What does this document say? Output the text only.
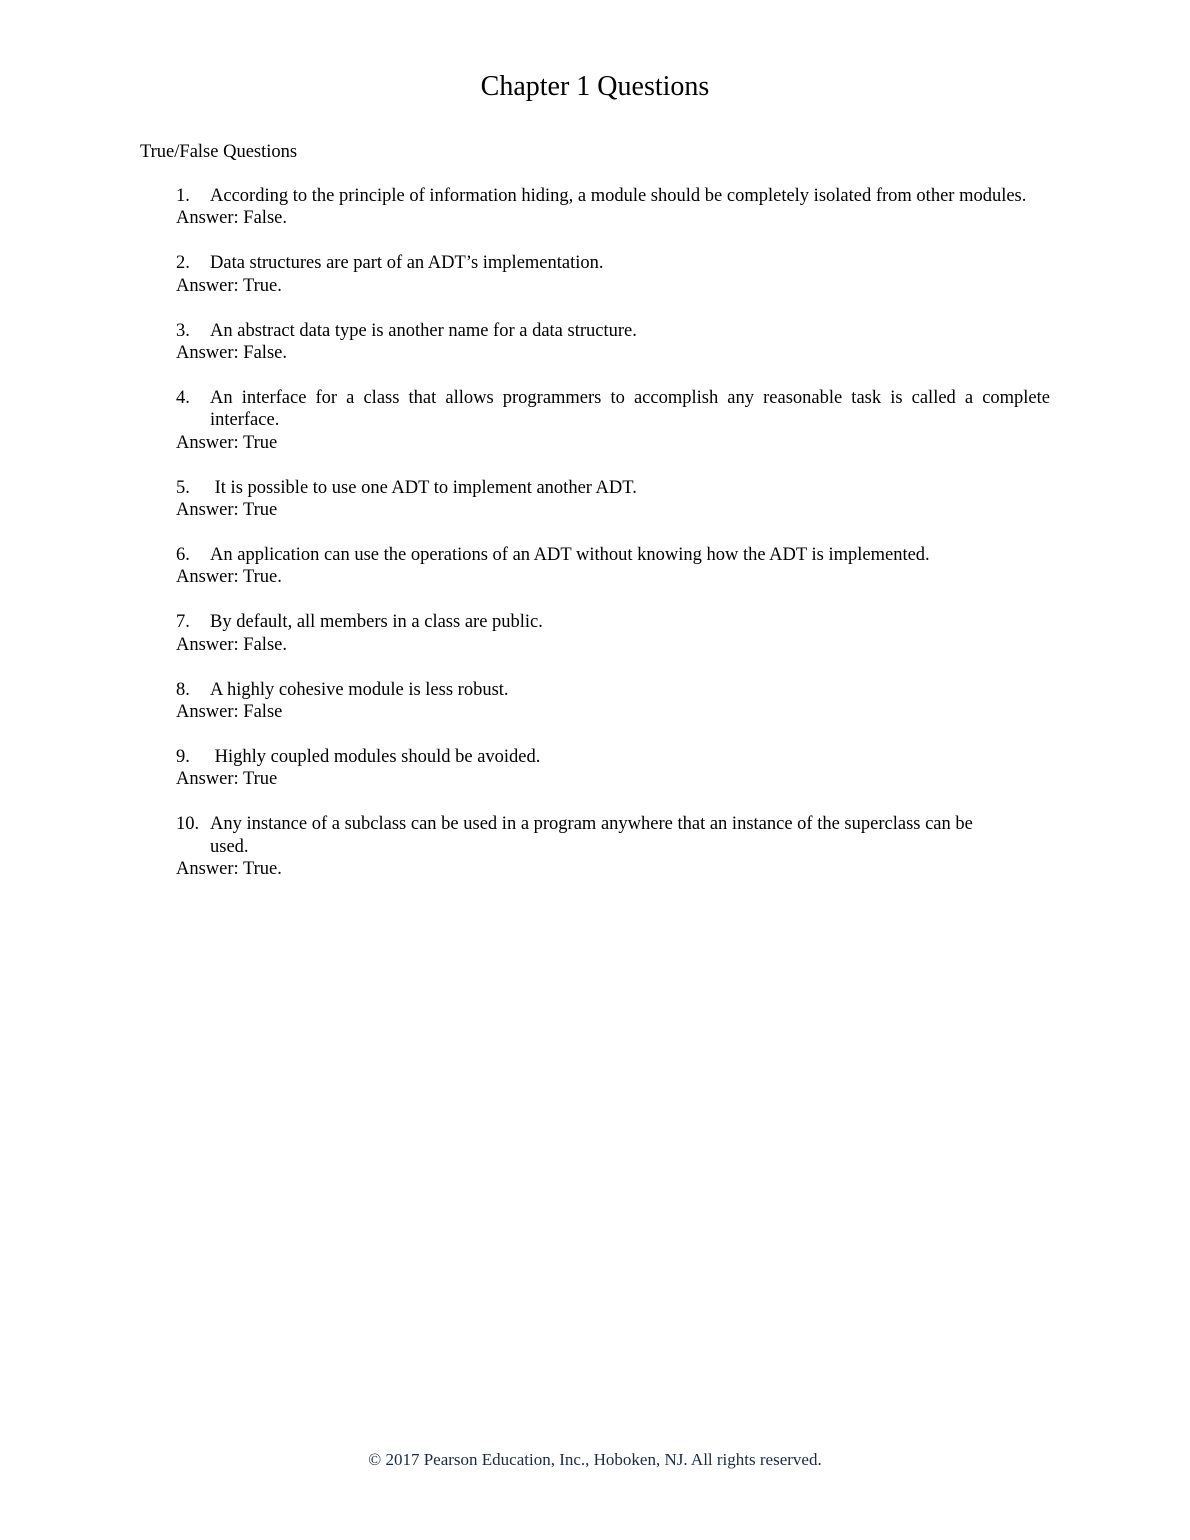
Chapter 1 Questions
True/False Questions
1.	According to the principle of information hiding, a module should be completely isolated from other modules.
Answer: False.
2.	Data structures are part of an ADT’s implementation.
Answer: True.
3.	An abstract data type is another name for a data structure.
Answer: False.
4.	An interface for a class that allows programmers to accomplish any reasonable task is called a complete interface.
Answer: True
5.	It is possible to use one ADT to implement another ADT.
Answer: True
6.	An application can use the operations of an ADT without knowing how the ADT is implemented.
Answer: True.
7.	By default, all members in a class are public.
Answer: False.
8.	A highly cohesive module is less robust.
Answer: False
9.	Highly coupled modules should be avoided.
Answer: True
10. Any instance of a subclass can be used in a program anywhere that an instance of the superclass can be used.
Answer: True.
© 2017 Pearson Education, Inc., Hoboken, NJ. All rights reserved.
